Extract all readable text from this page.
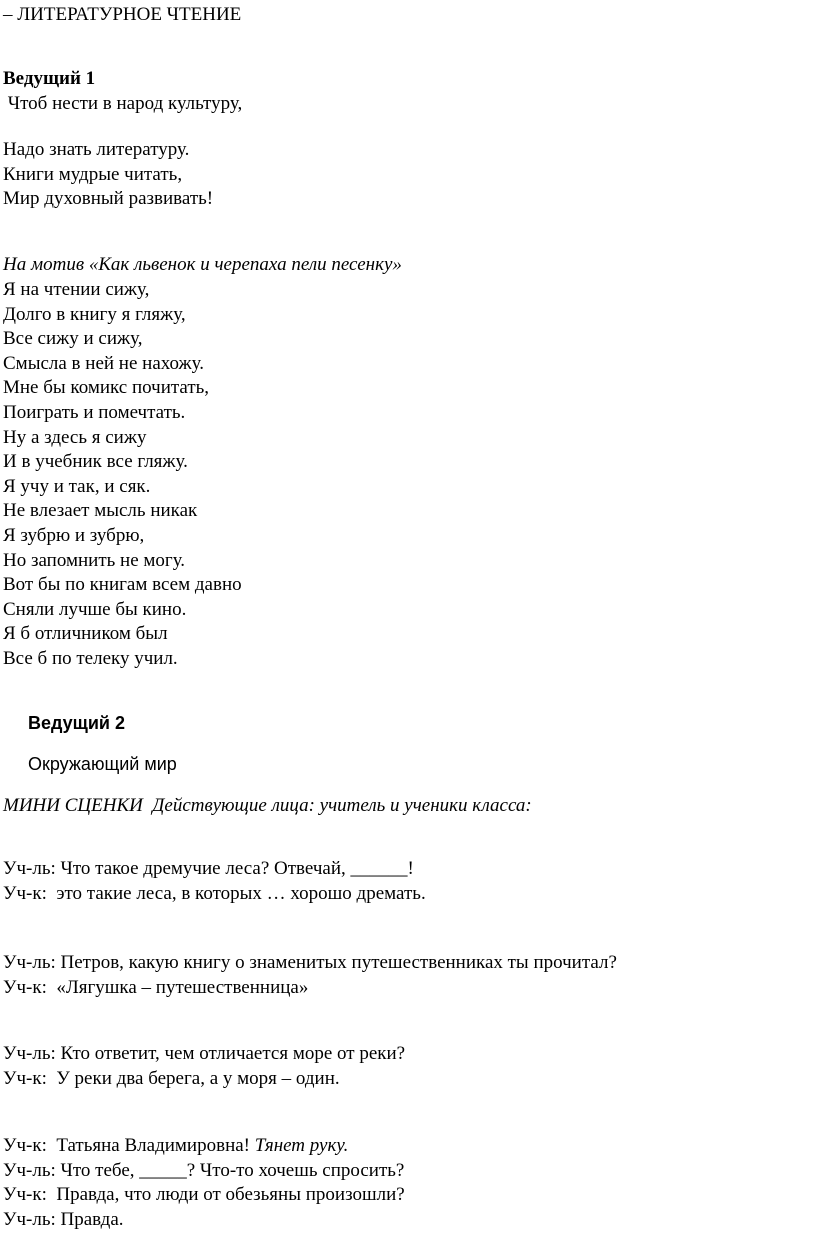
– ЛИТЕРАТУРНОЕ ЧТЕНИЕ
Ведущий 1
Чтоб нести в народ культуру,
Надо знать литературу.
Книги мудрые читать,
Мир духовный развивать!
На мотив «Как львенок и черепаха пели песенку»
Я на чтении сижу,
Долго в книгу я гляжу,
Все сижу и сижу,
Смысла в ней не нахожу.
Мне бы комикс почитать,
Поиграть и помечтать.
Ну а здесь я сижу
И в учебник все гляжу.
Я учу и так, и сяк.
Не влезает мысль никак
Я зубрю и зубрю,
Но запомнить не могу.
Вот бы по книгам всем давно
Сняли лучше бы кино.
Я б отличником был
Все б по телеку учил.
Ведущий 2
Окружающий мир
МИНИ СЦЕНКИ  Действующие лица: учитель и ученики класса:
Уч-ль: Что такое дремучие леса? Отвечай, ______!
Уч-к:  это такие леса, в которых … хорошо дремать.
Уч-ль: Петров, какую книгу о знаменитых путешественниках ты прочитал?
Уч-к:  «Лягушка – путешественница»
Уч-ль: Кто ответит, чем отличается море от реки?
Уч-к:  У реки два берега, а у моря – один.
Уч-к:  Татьяна Владимировна! Тянет руку.
Уч-ль: Что тебе, _____? Что-то хочешь спросить?
Уч-к:  Правда, что люди от обезьяны произошли?
Уч-ль: Правда.
